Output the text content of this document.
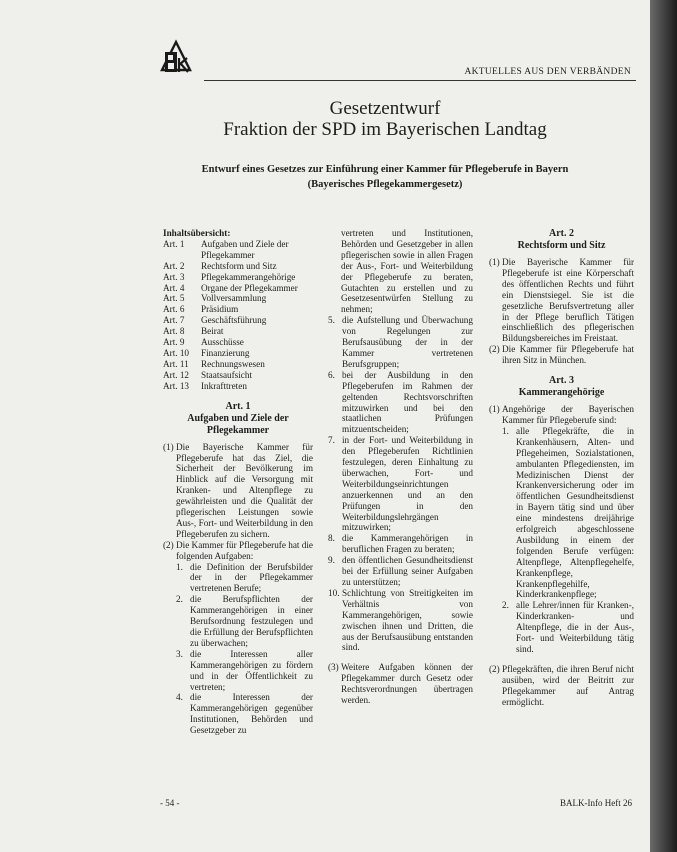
AKTUELLES AUS DEN VERBÄNDEN
Gesetzentwurf
Fraktion der SPD im Bayerischen Landtag
Entwurf eines Gesetzes zur Einführung einer Kammer für Pflegeberufe in Bayern
(Bayerisches Pflegekammergesetz)
Inhaltsübersicht:
Art. 1	Aufgaben und Ziele der Pflegekammer
Art. 2	Rechtsform und Sitz
Art. 3	Pflegekammerangehörige
Art. 4	Organe der Pflegekammer
Art. 5	Vollversammlung
Art. 6	Präsidium
Art. 7	Geschäftsführung
Art. 8	Beirat
Art. 9	Ausschüsse
Art. 10	Finanzierung
Art. 11	Rechnungswesen
Art. 12	Staatsaufsicht
Art. 13	Inkrafttreten
Art. 1
Aufgaben und Ziele der Pflegekammer
(1) Die Bayerische Kammer für Pflegeberufe hat das Ziel, die Sicherheit der Bevölkerung im Hinblick auf die Versorgung mit Kranken- und Altenpflege zu gewährleisten und die Qualität der pflegerischen Leistungen sowie Aus-, Fort- und Weiterbildung in den Pflegeberufen zu sichern.
(2) Die Kammer für Pflegeberufe hat die folgenden Aufgaben:
1. die Definition der Berufsbilder der in der Pflegekammer vertretenen Berufe;
2. die Berufspflichten der Kammerangehörigen in einer Berufsordnung festzulegen und die Erfüllung der Berufspflichten zu überwachen;
3. die Interessen aller Kammerangehörigen zu fördern und in der Öffentlichkeit zu vertreten;
4. die Interessen der Kammerangehörigen gegenüber Institutionen, Behörden und Gesetzgeber zu
vertreten und Institutionen, Behörden und Gesetzgeber in allen pflegerischen sowie in allen Fragen der Aus-, Fort- und Weiterbildung der Pflegeberufe zu beraten, Gutachten zu erstellen und zu Gesetzesentwürfen Stellung zu nehmen;
5. die Aufstellung und Überwachung von Regelungen zur Berufsausübung der in der Kammer vertretenen Berufsgruppen;
6. bei der Ausbildung in den Pflegeberufen im Rahmen der geltenden Rechtsvorschriften mitzuwirken und bei den staatlichen Prüfungen mitzuentscheiden;
7. in der Fort- und Weiterbildung in den Pflegeberufen Richtlinien festzulegen, deren Einhaltung zu überwachen, Fort- und Weiterbildungseinrichtungen anzuerkennen und an den Prüfungen in den Weiterbildungslehrgängen mitzuwirken;
8. die Kammerangehörigen in beruflichen Fragen zu beraten;
9. den öffentlichen Gesundheitsdienst bei der Erfüllung seiner Aufgaben zu unterstützen;
10. Schlichtung von Streitigkeiten im Verhältnis von Kammerangehörigen, sowie zwischen ihnen und Dritten, die aus der Berufsausübung entstanden sind.
(3) Weitere Aufgaben können der Pflegekammer durch Gesetz oder Rechtsverordnungen übertragen werden.
Art. 2
Rechtsform und Sitz
(1) Die Bayerische Kammer für Pflegeberufe ist eine Körperschaft des öffentlichen Rechts und führt ein Dienstsiegel. Sie ist die gesetzliche Berufsvertretung aller in der Pflege beruflich Tätigen einschließlich des pflegerischen Bildungsbereiches im Freistaat.
(2) Die Kammer für Pflegeberufe hat ihren Sitz in München.
Art. 3
Kammerangehörige
(1) Angehörige der Bayerischen Kammer für Pflegeberufe sind:
1. alle Pflegekräfte, die in Krankenhäusern, Alten- und Pflegeheimen, Sozialstationen, ambulanten Pflegediensten, im Medizinischen Dienst der Krankenversicherung oder im öffentlichen Gesundheitsdienst in Bayern tätig sind und über eine mindestens dreijährige erfolgreich abgeschlossene Ausbildung in einem der folgenden Berufe verfügen: Altenpflege, Altenpflegehelfe, Krankenpflege, Krankenpflegehilfe, Kinderkrankenpflege;
2. alle Lehrer/innen für Kranken-, Kinderkranken- und Altenpflege, die in der Aus-, Fort- und Weiterbildung tätig sind.
(2) Pflegekräften, die ihren Beruf nicht ausüben, wird der Beitritt zur Pflegekammer auf Antrag ermöglicht.
- 54 -	BALK-Info Heft 26
